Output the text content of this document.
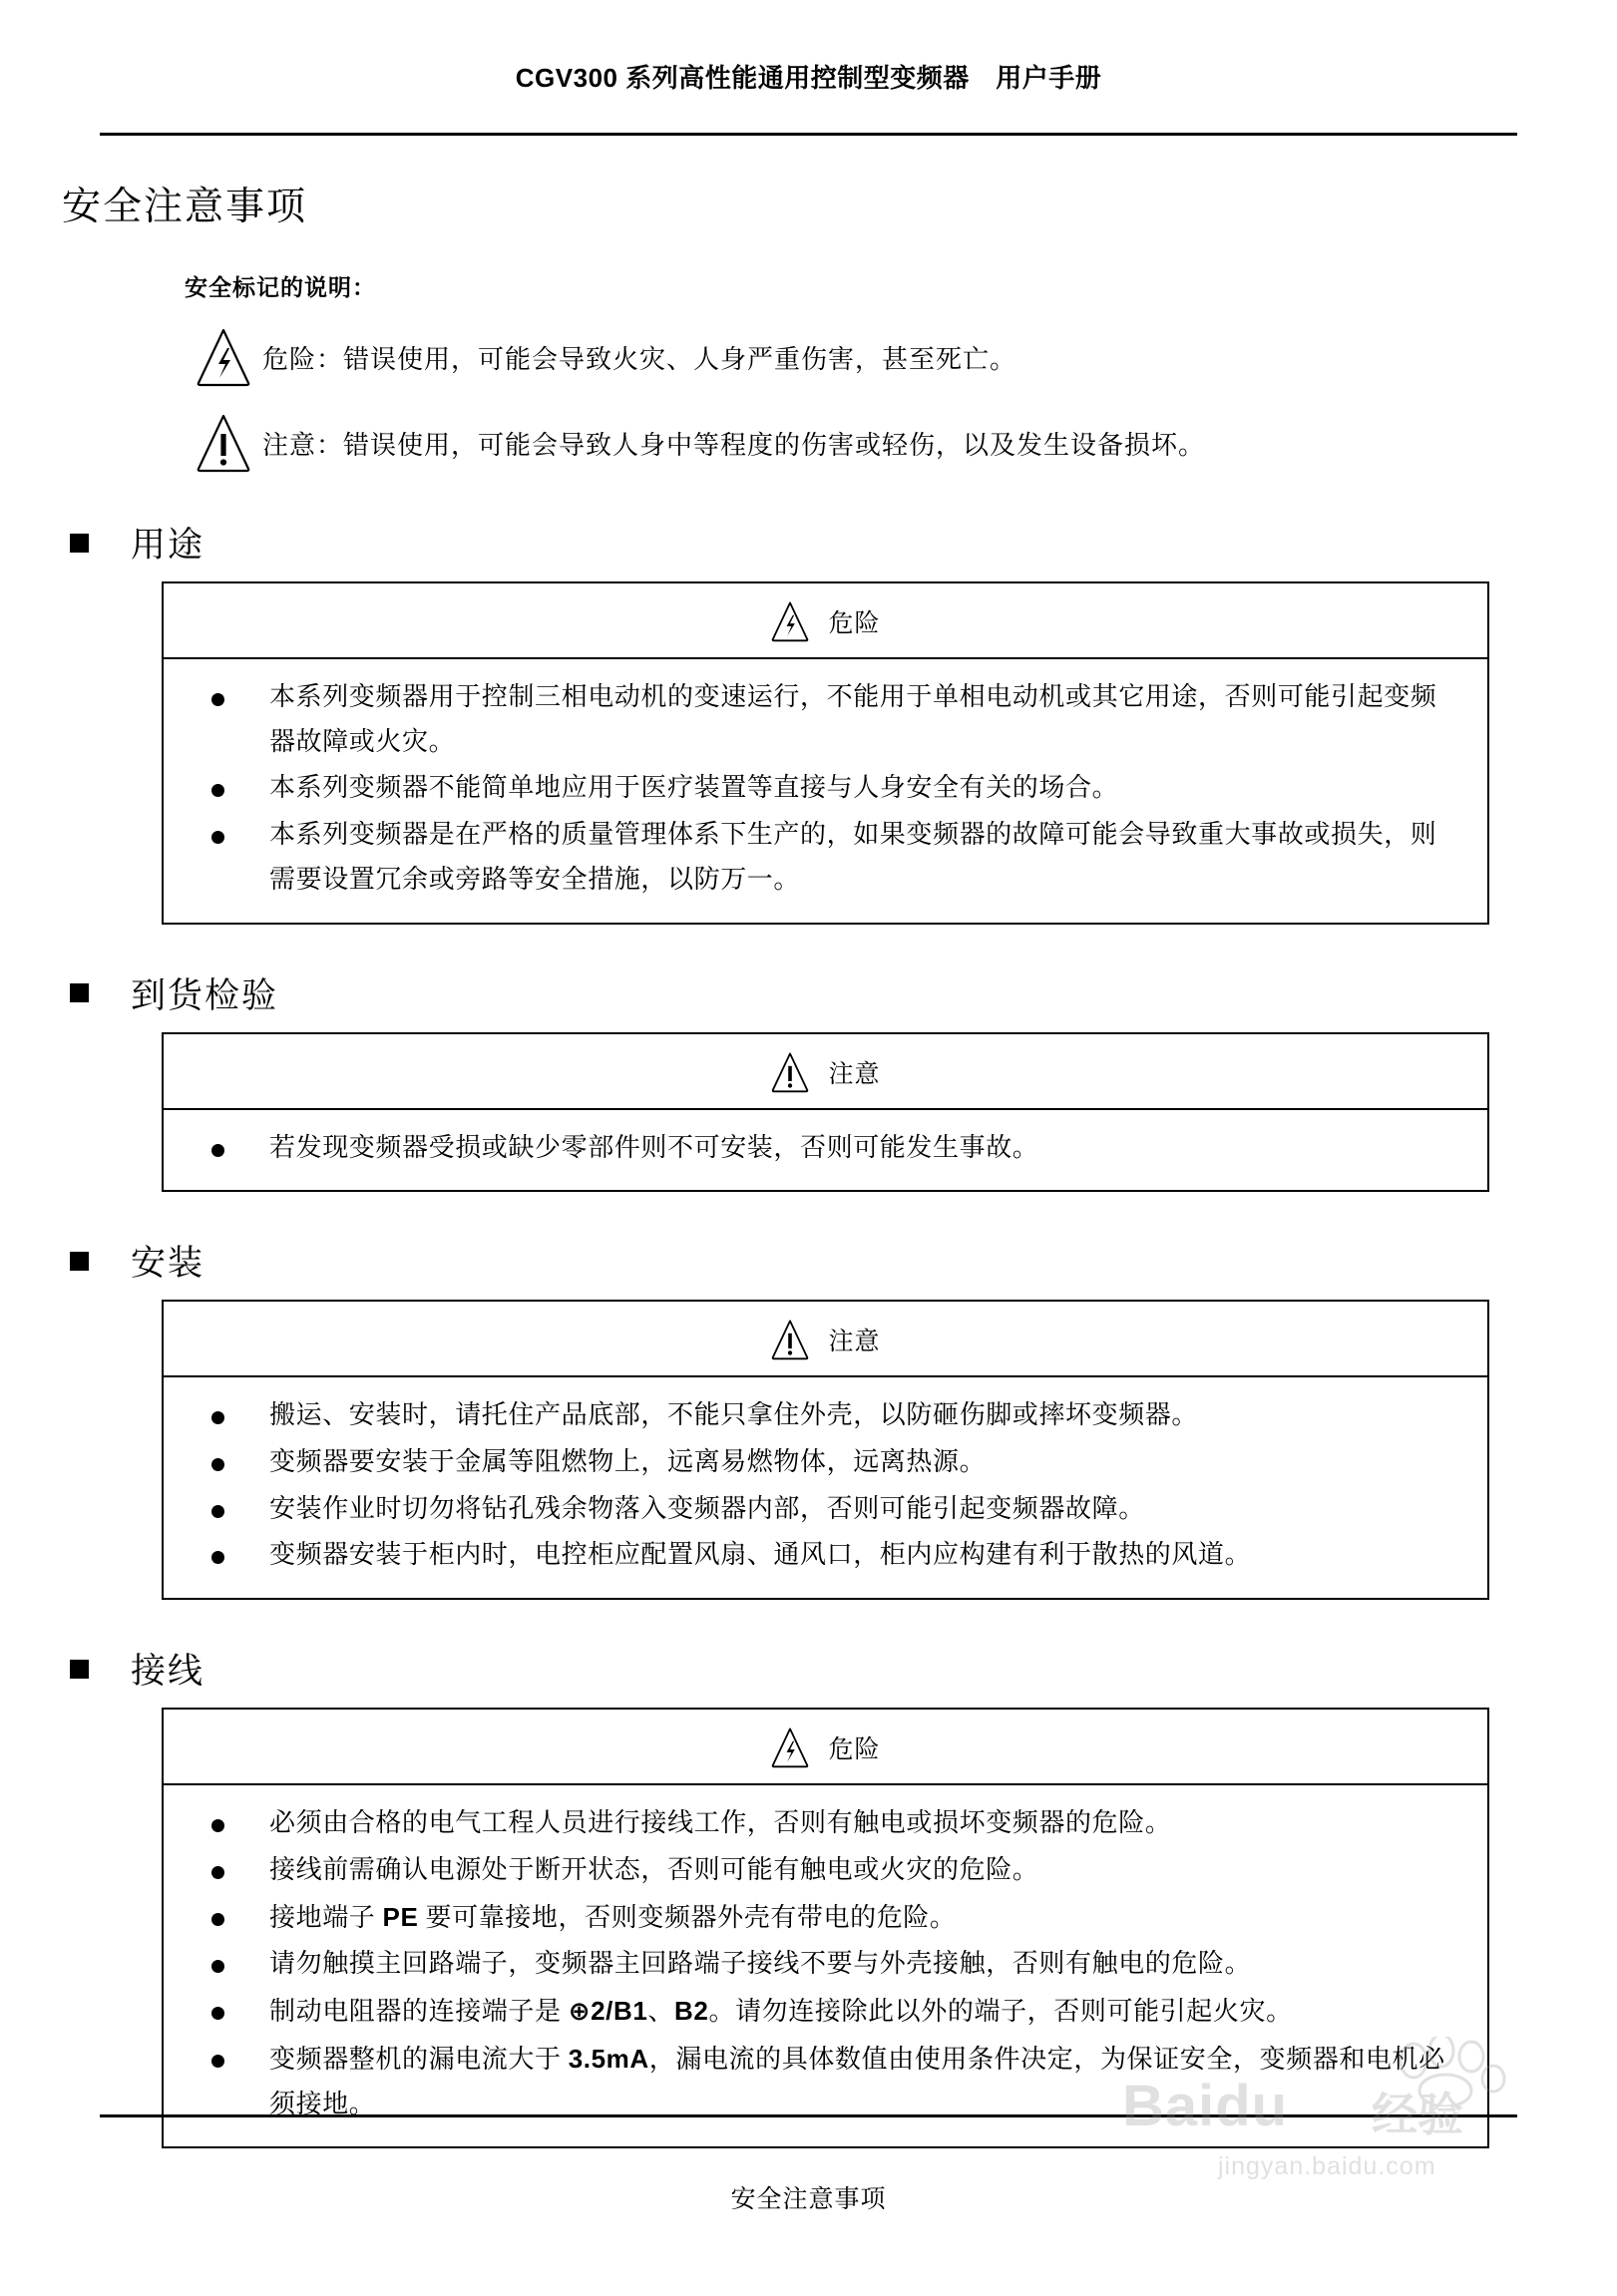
CGV300 系列高性能通用控制型变频器　用户手册
安全注意事项
安全标记的说明：
危险：错误使用，可能会导致火灾、人身严重伤害，甚至死亡。
注意：错误使用，可能会导致人身中等程度的伤害或轻伤，以及发生设备损坏。
用途
危险
本系列变频器用于控制三相电动机的变速运行，不能用于单相电动机或其它用途，否则可能引起变频器故障或火灾。
本系列变频器不能简单地应用于医疗装置等直接与人身安全有关的场合。
本系列变频器是在严格的质量管理体系下生产的，如果变频器的故障可能会导致重大事故或损失，则需要设置冗余或旁路等安全措施，以防万一。
到货检验
注意
若发现变频器受损或缺少零部件则不可安装，否则可能发生事故。
安装
注意
搬运、安装时，请托住产品底部，不能只拿住外壳，以防砸伤脚或摔坏变频器。
变频器要安装于金属等阻燃物上，远离易燃物体，远离热源。
安装作业时切勿将钻孔残余物落入变频器内部，否则可能引起变频器故障。
变频器安装于柜内时，电控柜应配置风扇、通风口，柜内应构建有利于散热的风道。
接线
危险
必须由合格的电气工程人员进行接线工作，否则有触电或损坏变频器的危险。
接线前需确认电源处于断开状态，否则可能有触电或火灾的危险。
接地端子 PE 要可靠接地，否则变频器外壳有带电的危险。
请勿触摸主回路端子，变频器主回路端子接线不要与外壳接触，否则有触电的危险。
制动电阻器的连接端子是 ⊕2/B1、B2。请勿连接除此以外的端子，否则可能引起火灾。
变频器整机的漏电流大于 3.5mA，漏电流的具体数值由使用条件决定，为保证安全，变频器和电机必须接地。
安全注意事项
Baidu 经验
jingyan.baidu.com
